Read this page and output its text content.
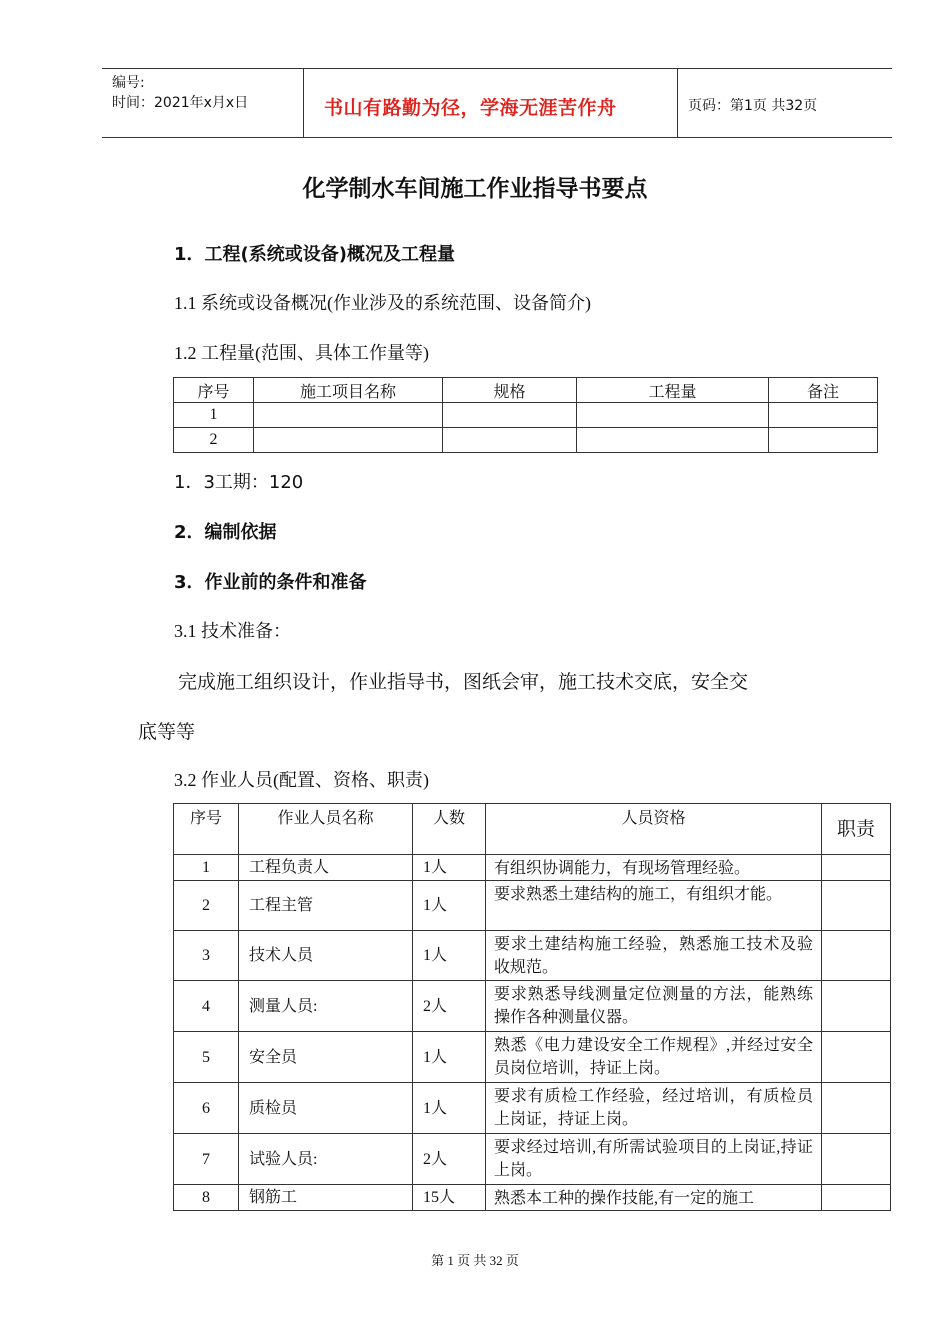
编号:
时间：2021年x月x日	书山有路勤为径，学海无涯苦作舟	页码：第1页 共32页
化学制水车间施工作业指导书要点
1．工程(系统或设备)概况及工程量
1.1 系统或设备概况(作业涉及的系统范围、设备简介)
1.2 工程量(范围、具体工作量等)
序号	施工项目名称	规格	工程量	备注
1				
2				
1．3工期：120
2．编制依据
3．作业前的条件和准备
3.1 技术准备：
完成施工组织设计，作业指导书，图纸会审，施工技术交底，安全交
底等等
3.2 作业人员(配置、资格、职责)
序号	作业人员名称	人数	人员资格	职责
1	工程负责人	1人	有组织协调能力，有现场管理经验。	
2	工程主管	1人	要求熟悉土建结构的施工，有组织才能。	
3	技术人员	1人	要求土建结构施工经验，熟悉施工技术及验收规范。	
4	测量人员:	2人	要求熟悉导线测量定位测量的方法，能熟练操作各种测量仪器。	
5	安全员	1人	熟悉《电力建设安全工作规程》,并经过安全员岗位培训，持证上岗。	
6	质检员	1人	要求有质检工作经验，经过培训，有质检员上岗证，持证上岗。	
7	试验人员:	2人	要求经过培训,有所需试验项目的上岗证,持证上岗。	
8	钢筋工	15人	熟悉本工种的操作技能,有一定的施工	
第 1 页 共 32 页
